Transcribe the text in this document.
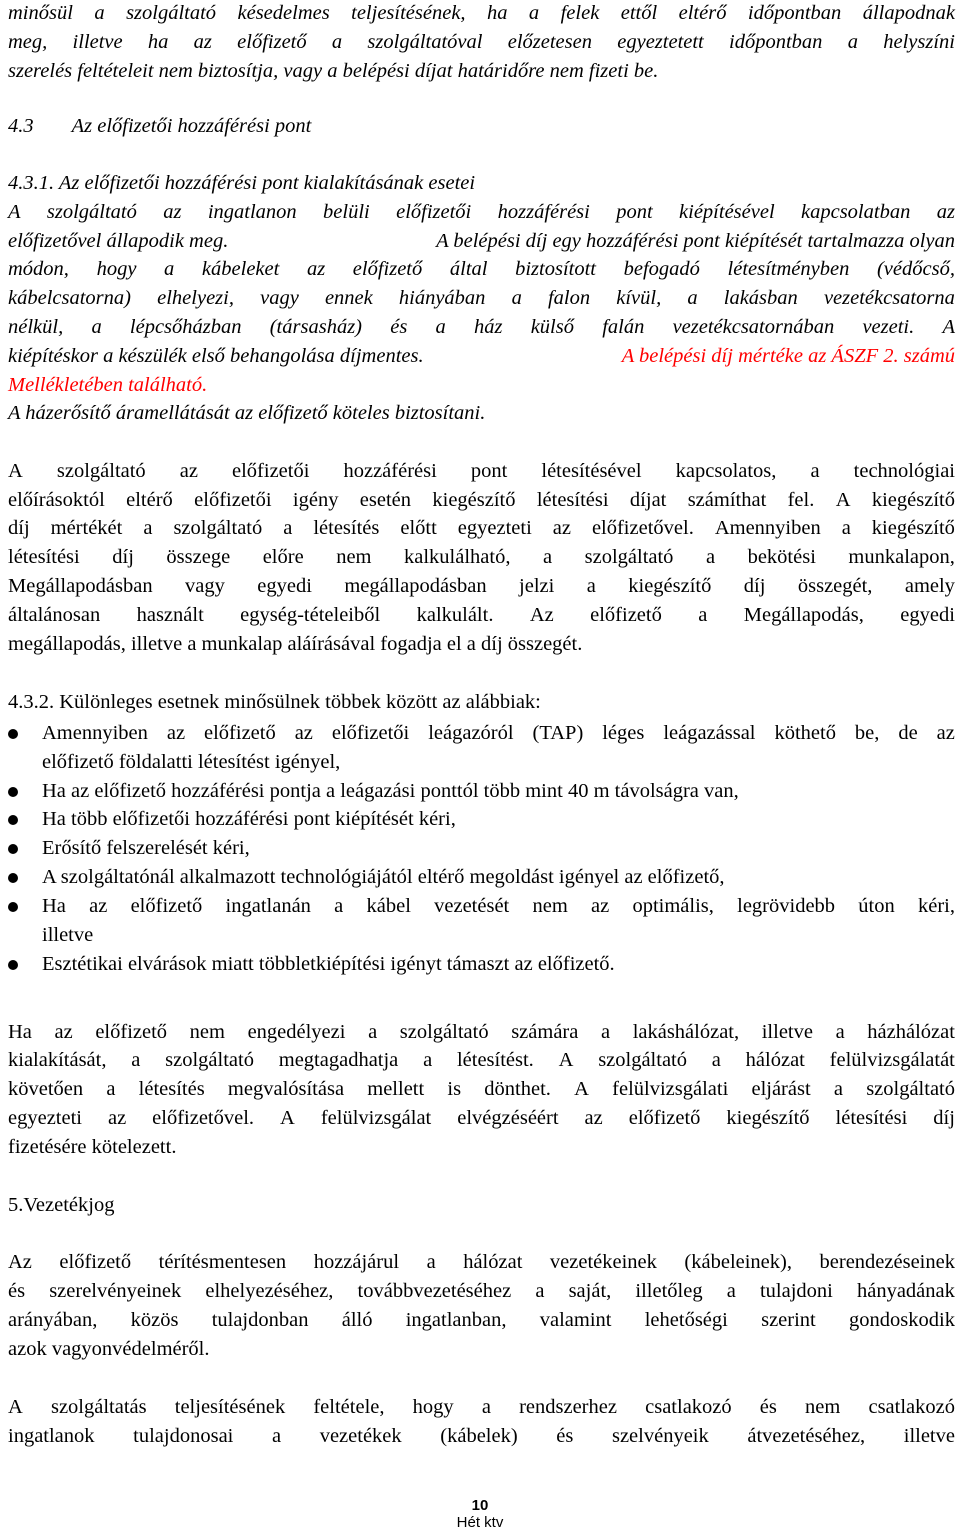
minősül a szolgáltató késedelmes teljesítésének, ha a felek ettől eltérő időpontban állapodnak
meg, illetve ha az előfizető a szolgáltatóval előzetesen egyeztetett időpontban a helyszíni
szerelés feltételeit nem biztosítja, vagy a belépési díjat határidőre nem fizeti be.
4.3 Az előfizetői hozzáférési pont
4.3.1. Az előfizetői hozzáférési pont kialakításának esetei
A szolgáltató az ingatlanon belüli előfizetői hozzáférési pont kiépítésével kapcsolatban az
előfizetővel állapodik meg.	A belépési díj egy hozzáférési pont kiépítését tartalmazza olyan
módon, hogy a kábeleket az előfizető által biztosított befogadó létesítményben (védőcső,
kábelcsatorna) elhelyezi, vagy ennek hiányában a falon kívül, a lakásban vezetékcsatorna
nélkül, a lépcsőházban (társasház) és a ház külső falán vezetékcsatornában vezeti. A
kiépítéskor a készülék első behangolása díjmentes.	A belépési díj mértéke az ÁSZF 2. számú
Mellékletében található.
A házerősítő áramellátását az előfizető köteles biztosítani.
A szolgáltató az előfizetői hozzáférési pont létesítésével kapcsolatos, a technológiai
előírásoktól eltérő előfizetői igény esetén kiegészítő létesítési díjat számíthat fel. A kiegészítő
díj mértékét a szolgáltató a létesítés előtt egyezteti az előfizetővel. Amennyiben a kiegészítő
létesítési díj összege előre nem kalkulálható, a szolgáltató a bekötési munkalapon,
Megállapodásban vagy egyedi megállapodásban jelzi a kiegészítő díj összegét, amely
általánosan használt egység-tételeiből kalkulált. Az előfizető a Megállapodás, egyedi
megállapodás, illetve a munkalap aláírásával fogadja el a díj összegét.
4.3.2. Különleges esetnek minősülnek többek között az alábbiak:
Amennyiben az előfizető az előfizetői leágazóról (TAP) léges leágazással köthető be, de az
előfizető földalatti létesítést igényel,
Ha az előfizető hozzáférési pontja a leágazási ponttól több mint 40 m távolságra van,
Ha több előfizetői hozzáférési pont kiépítését kéri,
Erősítő felszerelését kéri,
A szolgáltatónál alkalmazott technológiájától eltérő megoldást igényel az előfizető,
Ha az előfizető ingatlanán a kábel vezetését nem az optimális, legrövidebb úton kéri,
illetve
Esztétikai elvárások miatt többletkiépítési igényt támaszt az előfizető.
Ha az előfizető nem engedélyezi a szolgáltató számára a lakáshálózat, illetve a házhálózat
kialakítását, a szolgáltató megtagadhatja a létesítést. A szolgáltató a hálózat felülvizsgálatát
követően a létesítés megvalósítása mellett is dönthet. A felülvizsgálati eljárást a szolgáltató
egyezteti az előfizetővel. A felülvizsgálat elvégzéséért az előfizető kiegészítő létesítési díj
fizetésére kötelezett.
5.Vezetékjog
Az előfizető térítésmentesen hozzájárul a hálózat vezetékeinek (kábeleinek), berendezéseinek
és szerelvényeinek elhelyezéséhez, továbbvezetéséhez a saját, illetőleg a tulajdoni hányadának
arányában, közös tulajdonban álló ingatlanban, valamint lehetőségi szerint gondoskodik
azok vagyonvédelméről.
A szolgáltatás teljesítésének feltétele, hogy a rendszerhez csatlakozó és nem csatlakozó
ingatlanok tulajdonosai a vezetékek (kábelek) és szelvényeik átvezetéséhez, illetve
10
Hét ktv
